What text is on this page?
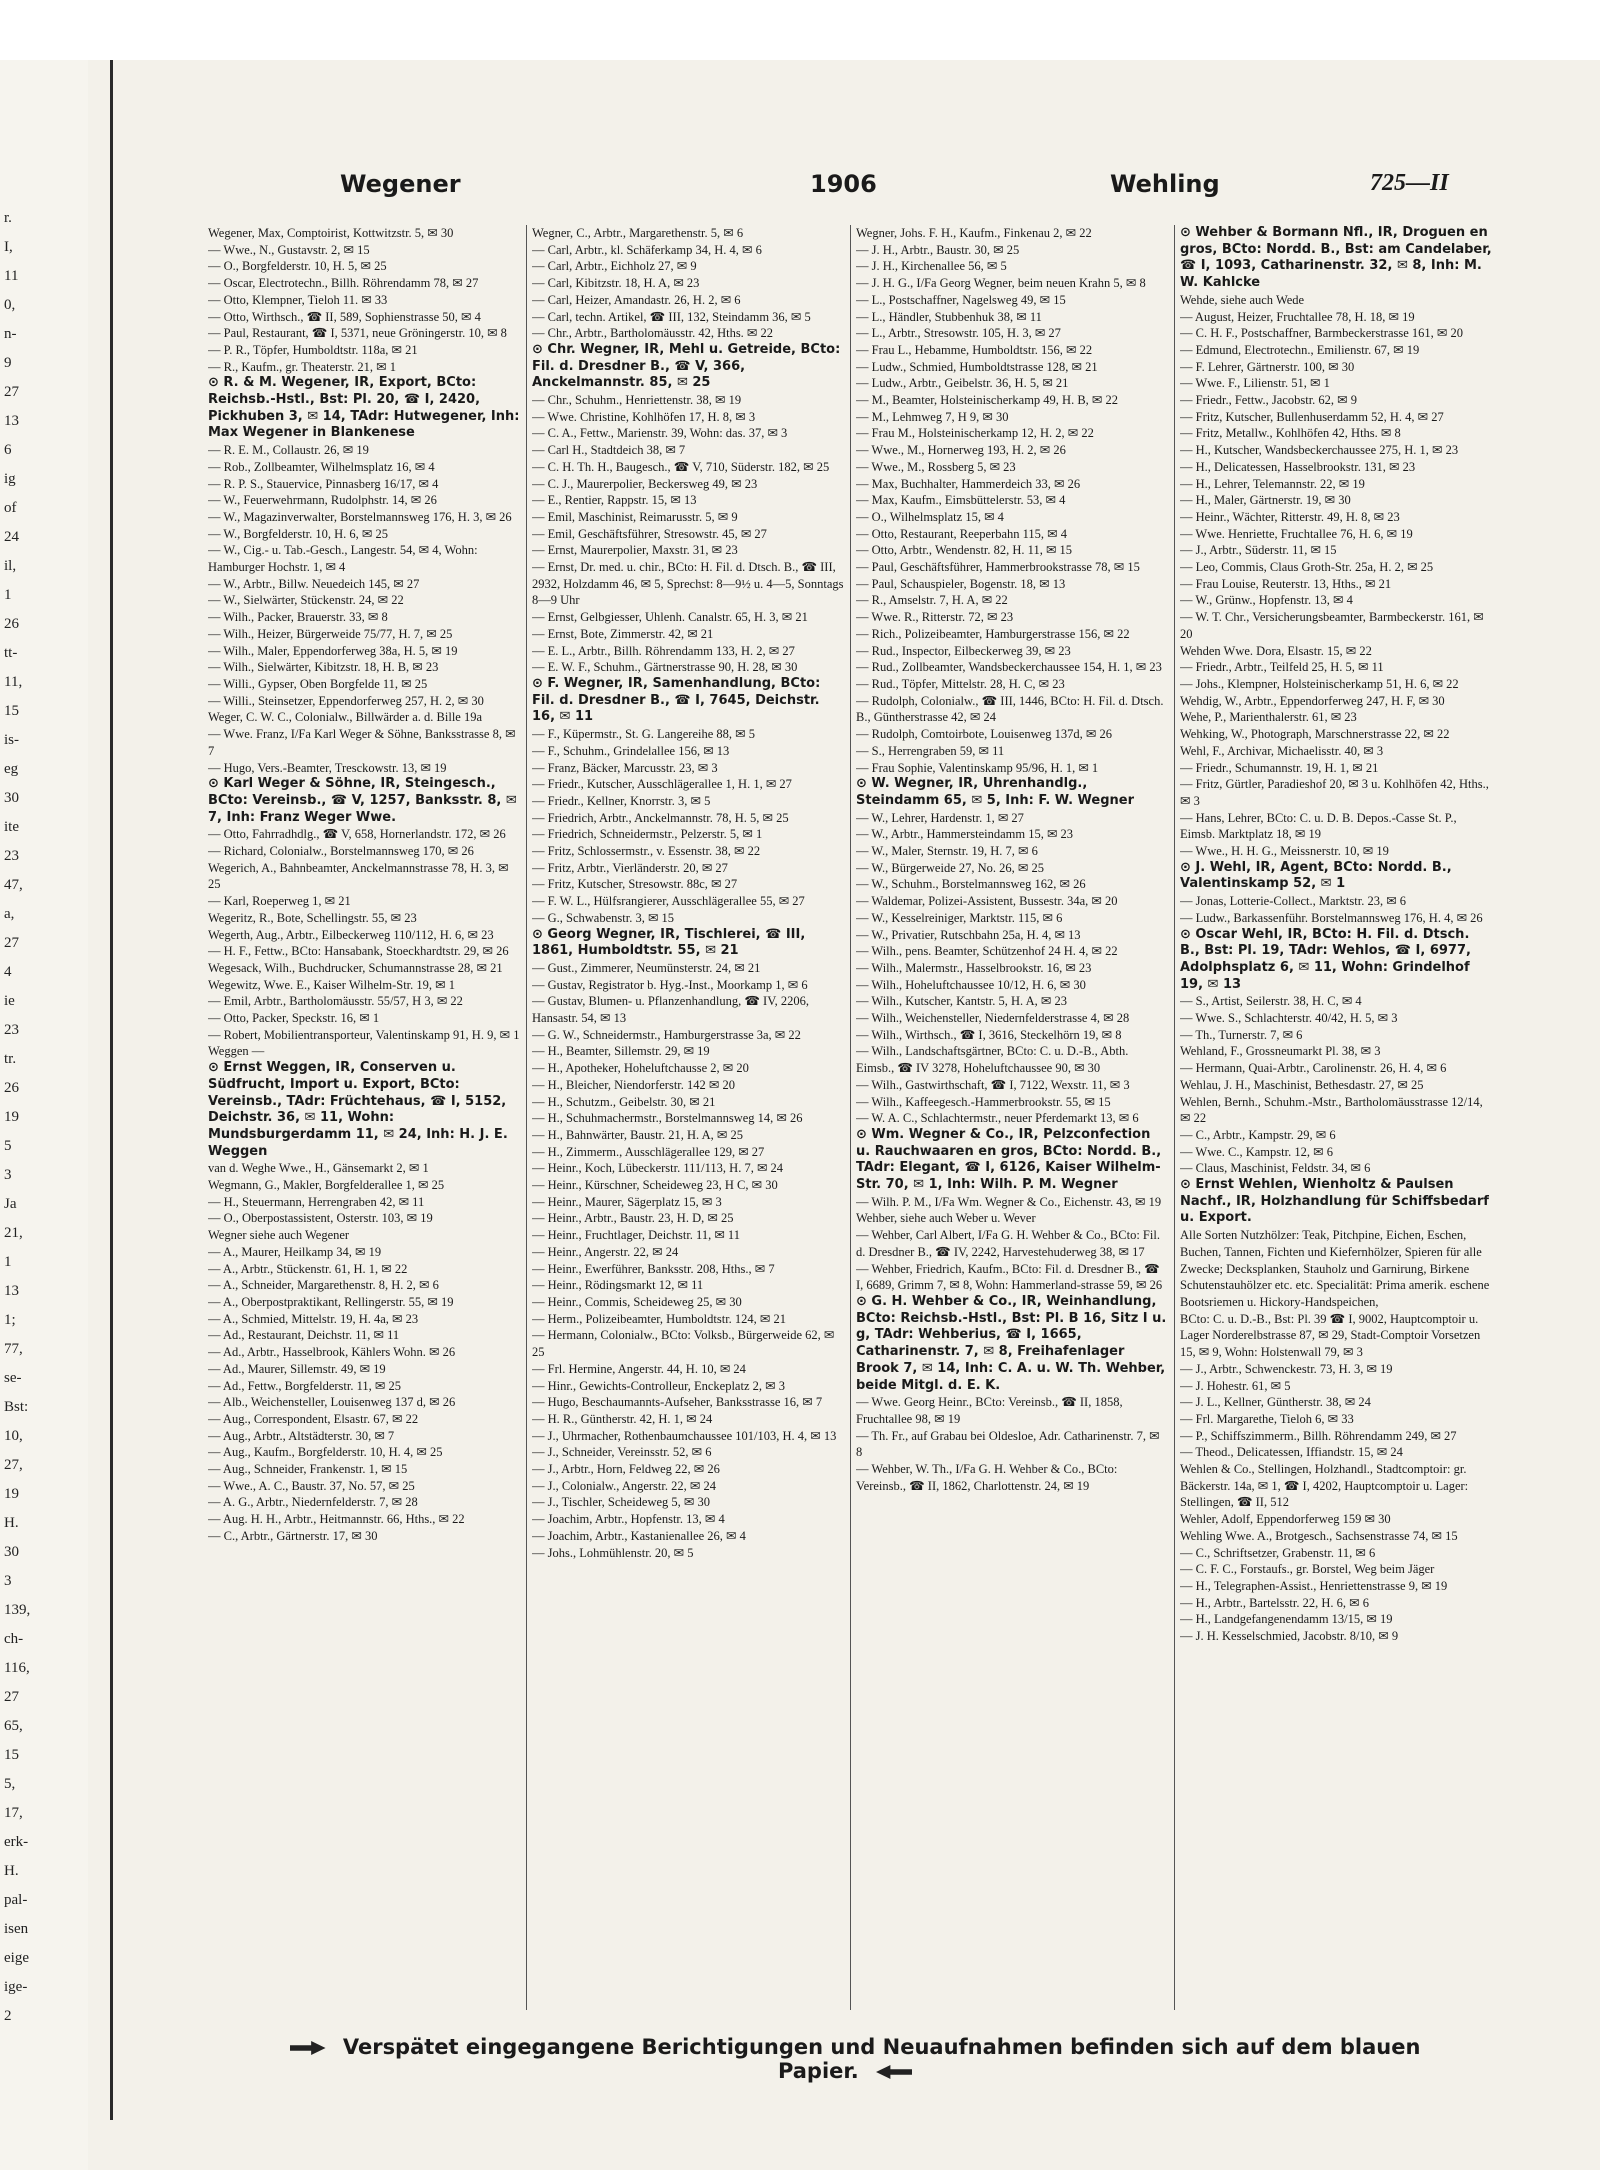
r.
I,
11
0,
n-
9
27
13
6
ig
of
24
il,
1
26
tt-
11,
15
is-
eg
30
ite
23
47,
a,
27
4
ie
23
tr.
26
19
5
3
Ja
21,
1
13
1;
77,
se-
Bst:
10,
27,
19
H.
30
3
139,
ch-
116,
27
65,
15
5,
17,
erk-
H.
pal-
isen
eige
ige-
2
Wegener	1906	Wehling	725—II

Wegener, Max, Comptoirist, Kottwitzstr. 5, ✉ 30

— Wwe., N., Gustavstr. 2, ✉ 15

— O., Borgfelderstr. 10, H. 5, ✉ 25

— Oscar, Electrotechn., Billh. Röhrendamm 78, ✉ 27

— Otto, Klempner, Tieloh 11. ✉ 33

— Otto, Wirthsch., ☎ II, 589, Sophienstrasse 50, ✉ 4

— Paul, Restaurant, ☎ I, 5371, neue Gröningerstr. 10, ✉ 8

— P. R., Töpfer, Humboldtstr. 118a, ✉ 21

— R., Kaufm., gr. Theaterstr. 21, ✉ 1

⊙ R. & M. Wegener, IR, Export, BCto: Reichsb.-Hstl., Bst: Pl. 20, ☎ I, 2420, Pickhuben 3, ✉ 14, TAdr: Hutwegener, Inh: Max Wegener in Blankenese

— R. E. M., Collaustr. 26, ✉ 19

— Rob., Zollbeamter, Wilhelmsplatz 16, ✉ 4

— R. P. S., Stauervice, Pinnasberg 16/17, ✉ 4

— W., Feuerwehrmann, Rudolphstr. 14, ✉ 26

— W., Magazinverwalter, Borstelmannsweg 176, H. 3, ✉ 26

— W., Borgfelderstr. 10, H. 6, ✉ 25

— W., Cig.- u. Tab.-Gesch., Langestr. 54, ✉ 4, Wohn: Hamburger Hochstr. 1, ✉ 4

— W., Arbtr., Billw. Neuedeich 145, ✉ 27

— W., Sielwärter, Stückenstr. 24, ✉ 22

— Wilh., Packer, Brauerstr. 33, ✉ 8

— Wilh., Heizer, Bürgerweide 75/77, H. 7, ✉ 25

— Wilh., Maler, Eppendorferweg 38a, H. 5, ✉ 19

— Wilh., Sielwärter, Kibitzstr. 18, H. B, ✉ 23

— Willi., Gypser, Oben Borgfelde 11, ✉ 25

— Willi., Steinsetzer, Eppendorferweg 257, H. 2, ✉ 30

Weger, C. W. C., Colonialw., Billwärder a. d. Bille 19a

— Wwe. Franz, I/Fa Karl Weger & Söhne, Banksstrasse 8, ✉ 7

— Hugo, Vers.-Beamter, Tresckowstr. 13, ✉ 19

⊙ Karl Weger & Söhne, IR, Steingesch., BCto: Vereinsb., ☎ V, 1257, Banksstr. 8, ✉ 7, Inh: Franz Weger Wwe.

— Otto, Fahrradhdlg., ☎ V, 658, Hornerlandstr. 172, ✉ 26

— Richard, Colonialw., Borstelmannsweg 170, ✉ 26

Wegerich, A., Bahnbeamter, Anckelmannstrasse 78, H. 3, ✉ 25

— Karl, Roeperweg 1, ✉ 21

Wegeritz, R., Bote, Schellingstr. 55, ✉ 23

Wegerth, Aug., Arbtr., Eilbeckerweg 110/112, H. 6, ✉ 23

— H. F., Fettw., BCto: Hansabank, Stoeckhardtstr. 29, ✉ 26

Wegesack, Wilh., Buchdrucker, Schumannstrasse 28, ✉ 21

Wegewitz, Wwe. E., Kaiser Wilhelm-Str. 19, ✉ 1

— Emil, Arbtr., Bartholomäusstr. 55/57, H 3, ✉ 22

— Otto, Packer, Speckstr. 16, ✉ 1

— Robert, Mobilientransporteur, Valentinskamp 91, H. 9, ✉ 1

Weggen —

⊙ Ernst Weggen, IR, Conserven u. Südfrucht, Import u. Export, BCto: Vereinsb., TAdr: Früchtehaus, ☎ I, 5152, Deichstr. 36, ✉ 11, Wohn: Mundsburgerdamm 11, ✉ 24, Inh: H. J. E. Weggen

van d. Weghe Wwe., H., Gänsemarkt 2, ✉ 1

Wegmann, G., Makler, Borgfelderallee 1, ✉ 25

— H., Steuermann, Herrengraben 42, ✉ 11

— O., Oberpostassistent, Osterstr. 103, ✉ 19

Wegner siehe auch Wegener

— A., Maurer, Heilkamp 34, ✉ 19

— A., Arbtr., Stückenstr. 61, H. 1, ✉ 22

— A., Schneider, Margarethenstr. 8, H. 2, ✉ 6

— A., Oberpostpraktikant, Rellingerstr. 55, ✉ 19

— A., Schmied, Mittelstr. 19, H. 4a, ✉ 23

— Ad., Restaurant, Deichstr. 11, ✉ 11

— Ad., Arbtr., Hasselbrook, Kählers Wohn. ✉ 26

— Ad., Maurer, Sillemstr. 49, ✉ 19

— Ad., Fettw., Borgfelderstr. 11, ✉ 25

— Alb., Weichensteller, Louisenweg 137 d, ✉ 26

— Aug., Correspondent, Elsastr. 67, ✉ 22

— Aug., Arbtr., Altstädterstr. 30, ✉ 7

— Aug., Kaufm., Borgfelderstr. 10, H. 4, ✉ 25

— Aug., Schneider, Frankenstr. 1, ✉ 15

— Wwe., A. C., Baustr. 37, No. 57, ✉ 25

— A. G., Arbtr., Niedernfelderstr. 7, ✉ 28

— Aug. H. H., Arbtr., Heitmannstr. 66, Hths., ✉ 22

— C., Arbtr., Gärtnerstr. 17, ✉ 30

Wegner, C., Arbtr., Margarethenstr. 5, ✉ 6

— Carl, Arbtr., kl. Schäferkamp 34, H. 4, ✉ 6

— Carl, Arbtr., Eichholz 27, ✉ 9

— Carl, Kibitzstr. 18, H. A, ✉ 23

— Carl, Heizer, Amandastr. 26, H. 2, ✉ 6

— Carl, techn. Artikel, ☎ III, 132, Steindamm 36, ✉ 5

— Chr., Arbtr., Bartholomäusstr. 42, Hths. ✉ 22

⊙ Chr. Wegner, IR, Mehl u. Getreide, BCto: Fil. d. Dresdner B., ☎ V, 366, Anckelmannstr. 85, ✉ 25

— Chr., Schuhm., Henriettenstr. 38, ✉ 19

— Wwe. Christine, Kohlhöfen 17, H. 8, ✉ 3

— C. A., Fettw., Marienstr. 39, Wohn: das. 37, ✉ 3

— Carl H., Stadtdeich 38, ✉ 7

— C. H. Th. H., Baugesch., ☎ V, 710, Süderstr. 182, ✉ 25

— C. J., Maurerpolier, Beckersweg 49, ✉ 23

— E., Rentier, Rappstr. 15, ✉ 13

— Emil, Maschinist, Reimarusstr. 5, ✉ 9

— Emil, Geschäftsführer, Stresowstr. 45, ✉ 27

— Ernst, Maurerpolier, Maxstr. 31, ✉ 23

— Ernst, Dr. med. u. chir., BCto: H. Fil. d. Dtsch. B., ☎ III, 2932, Holzdamm 46, ✉ 5, Sprechst: 8—9½ u. 4—5, Sonntags 8—9 Uhr

— Ernst, Gelbgiesser, Uhlenh. Canalstr. 65, H. 3, ✉ 21

— Ernst, Bote, Zimmerstr. 42, ✉ 21

— E. L., Arbtr., Billh. Röhrendamm 133, H. 2, ✉ 27

— E. W. F., Schuhm., Gärtnerstrasse 90, H. 28, ✉ 30

⊙ F. Wegner, IR, Samenhandlung, BCto: Fil. d. Dresdner B., ☎ I, 7645, Deichstr. 16, ✉ 11

— F., Küpermstr., St. G. Langereihe 88, ✉ 5

— F., Schuhm., Grindelallee 156, ✉ 13

— Franz, Bäcker, Marcusstr. 23, ✉ 3

— Friedr., Kutscher, Ausschlägerallee 1, H. 1, ✉ 27

— Friedr., Kellner, Knorrstr. 3, ✉ 5

— Friedrich, Arbtr., Anckelmannstr. 78, H. 5, ✉ 25

— Friedrich, Schneidermstr., Pelzerstr. 5, ✉ 1

— Fritz, Schlossermstr., v. Essenstr. 38, ✉ 22

— Fritz, Arbtr., Vierländerstr. 20, ✉ 27

— Fritz, Kutscher, Stresowstr. 88c, ✉ 27

— F. W. L., Hülfsrangierer, Ausschlägerallee 55, ✉ 27

— G., Schwabenstr. 3, ✉ 15

⊙ Georg Wegner, IR, Tischlerei, ☎ III, 1861, Humboldtstr. 55, ✉ 21

— Gust., Zimmerer, Neumünsterstr. 24, ✉ 21

— Gustav, Registrator b. Hyg.-Inst., Moorkamp 1, ✉ 6

— Gustav, Blumen- u. Pflanzenhandlung, ☎ IV, 2206, Hansastr. 54, ✉ 13

— G. W., Schneidermstr., Hamburgerstrasse 3a, ✉ 22

— H., Beamter, Sillemstr. 29, ✉ 19

— H., Apotheker, Hoheluftchausse 2, ✉ 20

— H., Bleicher, Niendorferstr. 142 ✉ 20

— H., Schutzm., Geibelstr. 30, ✉ 21

— H., Schuhmachermstr., Borstelmannsweg 14, ✉ 26

— H., Bahnwärter, Baustr. 21, H. A, ✉ 25

— H., Zimmerm., Ausschlägerallee 129, ✉ 27

— Heinr., Koch, Lübeckerstr. 111/113, H. 7, ✉ 24

— Heinr., Kürschner, Scheideweg 23, H C, ✉ 30

— Heinr., Maurer, Sägerplatz 15, ✉ 3

— Heinr., Arbtr., Baustr. 23, H. D, ✉ 25

— Heinr., Fruchtlager, Deichstr. 11, ✉ 11

— Heinr., Angerstr. 22, ✉ 24

— Heinr., Ewerführer, Banksstr. 208, Hths., ✉ 7

— Heinr., Rödingsmarkt 12, ✉ 11

— Heinr., Commis, Scheideweg 25, ✉ 30

— Herm., Polizeibeamter, Humboldtstr. 124, ✉ 21

— Hermann, Colonialw., BCto: Volksb., Bürgerweide 62, ✉ 25

— Frl. Hermine, Angerstr. 44, H. 10, ✉ 24

— Hinr., Gewichts-Controlleur, Enckeplatz 2, ✉ 3

— Hugo, Beschaumannts-Aufseher, Banksstrasse 16, ✉ 7

— H. R., Güntherstr. 42, H. 1, ✉ 24

— J., Uhrmacher, Rothenbaumchaussee 101/103, H. 4, ✉ 13

— J., Schneider, Vereinsstr. 52, ✉ 6

— J., Arbtr., Horn, Feldweg 22, ✉ 26

— J., Colonialw., Angerstr. 22, ✉ 24

— J., Tischler, Scheideweg 5, ✉ 30

— Joachim, Arbtr., Hopfenstr. 13, ✉ 4

— Joachim, Arbtr., Kastanienallee 26, ✉ 4

— Johs., Lohmühlenstr. 20, ✉ 5

Wegner, Johs. F. H., Kaufm., Finkenau 2, ✉ 22

— J. H., Arbtr., Baustr. 30, ✉ 25

— J. H., Kirchenallee 56, ✉ 5

— J. H. G., I/Fa Georg Wegner, beim neuen Krahn 5, ✉ 8

— L., Postschaffner, Nagelsweg 49, ✉ 15

— L., Händler, Stubbenhuk 38, ✉ 11

— L., Arbtr., Stresowstr. 105, H. 3, ✉ 27

— Frau L., Hebamme, Humboldtstr. 156, ✉ 22

— Ludw., Schmied, Humboldtstrasse 128, ✉ 21

— Ludw., Arbtr., Geibelstr. 36, H. 5, ✉ 21

— M., Beamter, Holsteinischerkamp 49, H. B, ✉ 22

— M., Lehmweg 7, H 9, ✉ 30

— Frau M., Holsteinischerkamp 12, H. 2, ✉ 22

— Wwe., M., Hornerweg 193, H. 2, ✉ 26

— Wwe., M., Rossberg 5, ✉ 23

— Max, Buchhalter, Hammerdeich 33, ✉ 26

— Max, Kaufm., Eimsbüttelerstr. 53, ✉ 4

— O., Wilhelmsplatz 15, ✉ 4

— Otto, Restaurant, Reeperbahn 115, ✉ 4

— Otto, Arbtr., Wendenstr. 82, H. 11, ✉ 15

— Paul, Geschäftsführer, Hammerbrookstrasse 78, ✉ 15

— Paul, Schauspieler, Bogenstr. 18, ✉ 13

— R., Amselstr. 7, H. A, ✉ 22

— Wwe. R., Ritterstr. 72, ✉ 23

— Rich., Polizeibeamter, Hamburgerstrasse 156, ✉ 22

— Rud., Inspector, Eilbeckerweg 39, ✉ 23

— Rud., Zollbeamter, Wandsbeckerchaussee 154, H. 1, ✉ 23

— Rud., Töpfer, Mittelstr. 28, H. C, ✉ 23

— Rudolph, Colonialw., ☎ III, 1446, BCto: H. Fil. d. Dtsch. B., Güntherstrasse 42, ✉ 24

— Rudolph, Comtoirbote, Louisenweg 137d, ✉ 26

— S., Herrengraben 59, ✉ 11

— Frau Sophie, Valentinskamp 95/96, H. 1, ✉ 1

⊙ W. Wegner, IR, Uhrenhandlg., Steindamm 65, ✉ 5, Inh: F. W. Wegner

— W., Lehrer, Hardenstr. 1, ✉ 27

— W., Arbtr., Hammersteindamm 15, ✉ 23

— W., Maler, Sternstr. 19, H. 7, ✉ 6

— W., Bürgerweide 27, No. 26, ✉ 25

— W., Schuhm., Borstelmannsweg 162, ✉ 26

— Waldemar, Polizei-Assistent, Bussestr. 34a, ✉ 20

— W., Kesselreiniger, Marktstr. 115, ✉ 6

— W., Privatier, Rutschbahn 25a, H. 4, ✉ 13

— Wilh., pens. Beamter, Schützenhof 24 H. 4, ✉ 22

— Wilh., Malermstr., Hasselbrookstr. 16, ✉ 23

— Wilh., Hoheluftchaussee 10/12, H. 6, ✉ 30

— Wilh., Kutscher, Kantstr. 5, H. A, ✉ 23

— Wilh., Weichensteller, Niedernfelderstrasse 4, ✉ 28

— Wilh., Wirthsch., ☎ I, 3616, Steckelhörn 19, ✉ 8

— Wilh., Landschaftsgärtner, BCto: C. u. D.-B., Abth. Eimsb., ☎ IV 3278, Hoheluftchaussee 90, ✉ 30

— Wilh., Gastwirthschaft, ☎ I, 7122, Wexstr. 11, ✉ 3

— Wilh., Kaffeegesch.-Hammerbrookstr. 55, ✉ 15

— W. A. C., Schlachtermstr., neuer Pferdemarkt 13, ✉ 6

⊙ Wm. Wegner & Co., IR, Pelzconfection u. Rauchwaaren en gros, BCto: Nordd. B., TAdr: Elegant, ☎ I, 6126, Kaiser Wilhelm-Str. 70, ✉ 1, Inh: Wilh. P. M. Wegner

— Wilh. P. M., I/Fa Wm. Wegner & Co., Eichenstr. 43, ✉ 19

Wehber, siehe auch Weber u. Wever

— Wehber, Carl Albert, I/Fa G. H. Wehber & Co., BCto: Fil. d. Dresdner B., ☎ IV, 2242, Harvestehuderweg 38, ✉ 17

— Wehber, Friedrich, Kaufm., BCto: Fil. d. Dresdner B., ☎ I, 6689, Grimm 7, ✉ 8, Wohn: Hammerland-strasse 59, ✉ 26

⊙ G. H. Wehber & Co., IR, Weinhandlung, BCto: Reichsb.-Hstl., Bst: Pl. B 16, Sitz I u. g, TAdr: Wehberius, ☎ I, 1665, Catharinenstr. 7, ✉ 8, Freihafenlager Brook 7, ✉ 14, Inh: C. A. u. W. Th. Wehber, beide Mitgl. d. E. K.

— Wwe. Georg Heinr., BCto: Vereinsb., ☎ II, 1858, Fruchtallee 98, ✉ 19

— Th. Fr., auf Grabau bei Oldesloe, Adr. Catharinenstr. 7, ✉ 8

— Wehber, W. Th., I/Fa G. H. Wehber & Co., BCto: Vereinsb., ☎ II, 1862, Charlottenstr. 24, ✉ 19

⊙ Wehber & Bormann Nfl., IR, Droguen en gros, BCto: Nordd. B., Bst: am Candelaber, ☎ I, 1093, Catharinenstr. 32, ✉ 8, Inh: M. W. Kahlcke

Wehde, siehe auch Wede

— August, Heizer, Fruchtallee 78, H. 18, ✉ 19

— C. H. F., Postschaffner, Barmbeckerstrasse 161, ✉ 20

— Edmund, Electrotechn., Emilienstr. 67, ✉ 19

— F. Lehrer, Gärtnerstr. 100, ✉ 30

— Wwe. F., Lilienstr. 51, ✉ 1

— Friedr., Fettw., Jacobstr. 62, ✉ 9

— Fritz, Kutscher, Bullenhuserdamm 52, H. 4, ✉ 27

— Fritz, Metallw., Kohlhöfen 42, Hths. ✉ 8

— H., Kutscher, Wandsbeckerchaussee 275, H. 1, ✉ 23

— H., Delicatessen, Hasselbrookstr. 131, ✉ 23

— H., Lehrer, Telemannstr. 22, ✉ 19

— H., Maler, Gärtnerstr. 19, ✉ 30

— Heinr., Wächter, Ritterstr. 49, H. 8, ✉ 23

— Wwe. Henriette, Fruchtallee 76, H. 6, ✉ 19

— J., Arbtr., Süderstr. 11, ✉ 15

— Leo, Commis, Claus Groth-Str. 25a, H. 2, ✉ 25

— Frau Louise, Reuterstr. 13, Hths., ✉ 21

— W., Grünw., Hopfenstr. 13, ✉ 4

— W. T. Chr., Versicherungsbeamter, Barmbeckerstr. 161, ✉ 20

Wehden Wwe. Dora, Elsastr. 15, ✉ 22

— Friedr., Arbtr., Teilfeld 25, H. 5, ✉ 11

— Johs., Klempner, Holsteinischerkamp 51, H. 6, ✉ 22

Wehdig, W., Arbtr., Eppendorferweg 247, H. F, ✉ 30

Wehe, P., Marienthalerstr. 61, ✉ 23

Wehking, W., Photograph, Marschnerstrasse 22, ✉ 22

Wehl, F., Archivar, Michaelisstr. 40, ✉ 3

— Friedr., Schumannstr. 19, H. 1, ✉ 21

— Fritz, Gürtler, Paradieshof 20, ✉ 3 u. Kohlhöfen 42, Hths., ✉ 3

— Hans, Lehrer, BCto: C. u. D. B. Depos.-Casse St. P., Eimsb. Marktplatz 18, ✉ 19

— Wwe., H. H. G., Meissnerstr. 10, ✉ 19

⊙ J. Wehl, IR, Agent, BCto: Nordd. B., Valentinskamp 52, ✉ 1

— Jonas, Lotterie-Collect., Marktstr. 23, ✉ 6

— Ludw., Barkassenführ. Borstelmannsweg 176, H. 4, ✉ 26

⊙ Oscar Wehl, IR, BCto: H. Fil. d. Dtsch. B., Bst: Pl. 19, TAdr: Wehlos, ☎ I, 6977, Adolphsplatz 6, ✉ 11, Wohn: Grindelhof 19, ✉ 13

— S., Artist, Seilerstr. 38, H. C, ✉ 4

— Wwe. S., Schlachterstr. 40/42, H. 5, ✉ 3

— Th., Turnerstr. 7, ✉ 6

Wehland, F., Grossneumarkt Pl. 38, ✉ 3

— Hermann, Quai-Arbtr., Carolinenstr. 26, H. 4, ✉ 6

Wehlau, J. H., Maschinist, Bethesdastr. 27, ✉ 25

Wehlen, Bernh., Schuhm.-Mstr., Bartholomäusstrasse 12/14, ✉ 22

— C., Arbtr., Kampstr. 29, ✉ 6

— Wwe. C., Kampstr. 12, ✉ 6

— Claus, Maschinist, Feldstr. 34, ✉ 6

⊙ Ernst Wehlen, Wienholtz & Paulsen Nachf., IR, Holzhandlung für Schiffsbedarf u. Export.

Alle Sorten Nutzhölzer: Teak, Pitchpine, Eichen, Eschen, Buchen, Tannen, Fichten und Kiefernhölzer, Spieren für alle Zwecke; Decksplanken, Stauholz und Garnirung, Birkene Schutenstauhölzer etc. etc. Specialität: Prima amerik. eschene Bootsriemen u. Hickory-Handspeichen,

BCto: C. u. D.-B., Bst: Pl. 39 ☎ I, 9002, Hauptcomptoir u. Lager Norderelbstrasse 87, ✉ 29, Stadt-Comptoir Vorsetzen 15, ✉ 9, Wohn: Holstenwall 79, ✉ 3

— J., Arbtr., Schwenckestr. 73, H. 3, ✉ 19

— J. Hohestr. 61, ✉ 5

— J. L., Kellner, Güntherstr. 38, ✉ 24

— Frl. Margarethe, Tieloh 6, ✉ 33

— P., Schiffszimmerm., Billh. Röhrendamm 249, ✉ 27

— Theod., Delicatessen, Iffiandstr. 15, ✉ 24

Wehlen & Co., Stellingen, Holzhandl., Stadtcomptoir: gr. Bäckerstr. 14a, ✉ 1, ☎ I, 4202, Hauptcomptoir u. Lager: Stellingen, ☎ II, 512

Wehler, Adolf, Eppendorferweg 159 ✉ 30

Wehling Wwe. A., Brotgesch., Sachsenstrasse 74, ✉ 15

— C., Schriftsetzer, Grabenstr. 11, ✉ 6

— C. F. C., Forstaufs., gr. Borstel, Weg beim Jäger

— H., Telegraphen-Assist., Henriettenstrasse 9, ✉ 19

— H., Arbtr., Bartelsstr. 22, H. 6, ✉ 6

— H., Landgefangenendamm 13/15, ✉ 19

— J. H. Kesselschmied, Jacobstr. 8/10, ✉ 9

Verspätet eingegangene Berichtigungen und Neuaufnahmen befinden sich auf dem blauen Papier.
